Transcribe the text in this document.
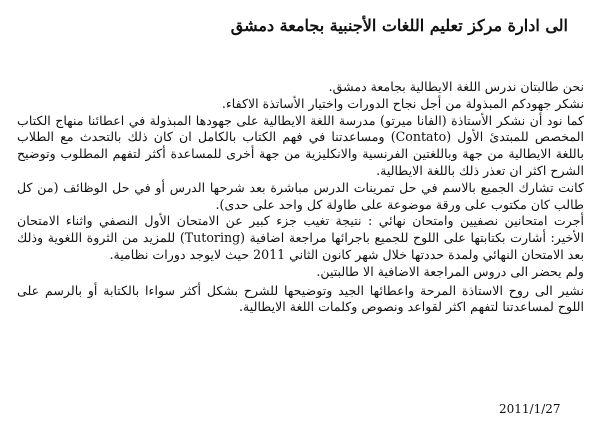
الى ادارة مركز تعليم اللغات الأجنبية بجامعة دمشق

نحن طالبتان ندرس اللغة الايطالية بجامعة دمشق.

نشكر جهودكم المبذولة من أجل نجاح الدورات واختيار الأساتذة الاكفاء.

كما نود أن نشكر الأستاذة (الفانا ميرتو) مدرسة اللغة الايطالية على جهودها المبذولة في اعطائنا منهاج الكتاب المخصص للمبتدئ الأول (Contato) ومساعدتنا في فهم الكتاب بالكامل ان كان ذلك بالتحدث مع الطلاب باللغة الايطالية من جهة وباللغتين الفرنسية والانكليزية من جهة أخرى للمساعدة أكثر لتفهم المطلوب وتوضيح الشرح اكثر ان تعذر ذلك باللغة الايطالية.

كانت تشارك الجميع بالاسم في حل تمرينات الدرس مباشرة بعد شرحها الدرس أو في حل الوظائف (من كل طالب كان مكتوب على ورقة موضوعة على طاولة كل واحد على حدى).

أجرت امتحانين نصفيين وامتحان نهائي : نتيجة تغيب جزء كبير عن الامتحان الأول النصفي واثناء الامتحان الأخير: أشارت بكتابتها على اللوح للجميع باجرائها مراجعة اضافية (Tutoring) للمزيد من الثروة اللغوية وذلك بعد الامتحان النهائي ولمدة حددتها خلال شهر كانون الثاني 2011 حيث لايوجد دورات نظامية.

ولم يحضر الى دروس المراجعة الاضافية الا طالبتين.

نشير الى روح الاستاذة المرحة واعطائها الجيد وتوضيحها للشرح بشكل أكثر سواءا بالكتابة أو بالرسم على اللوح لمساعدتنا لتفهم اكثر لقواعد ونصوص وكلمات اللغة الايطالية.

2011/1/27
